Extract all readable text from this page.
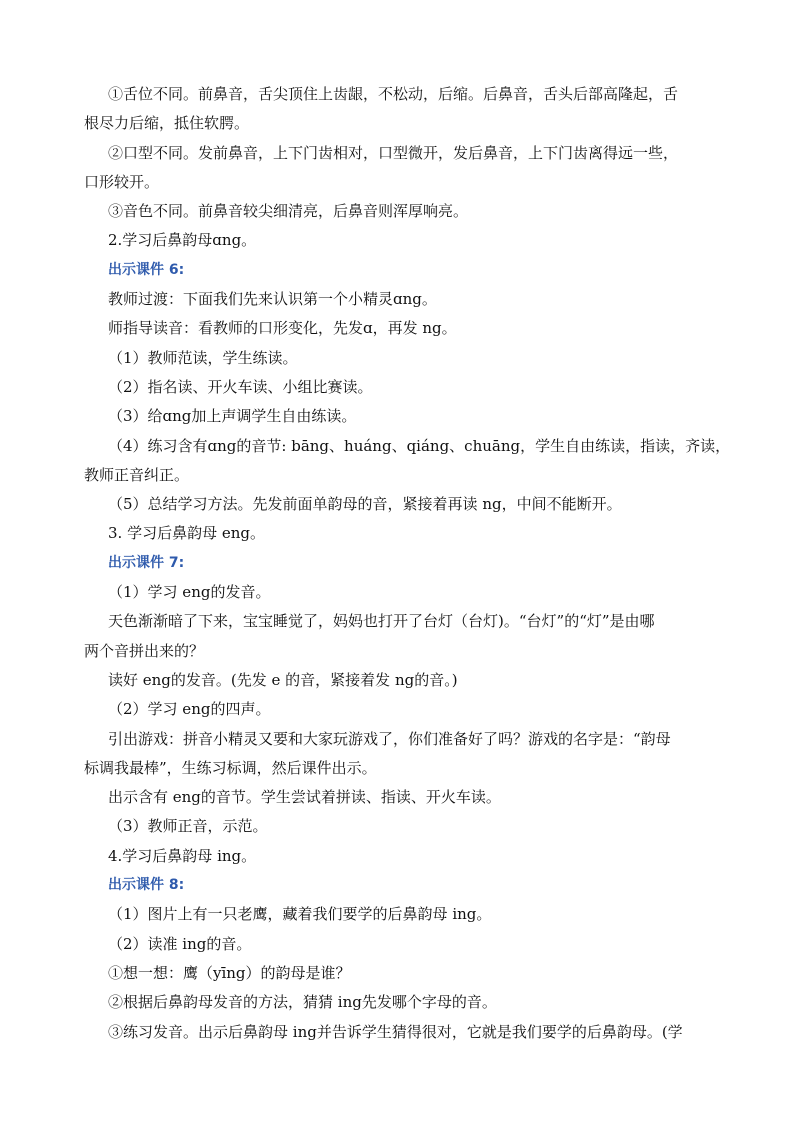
①舌位不同。前鼻音，舌尖顶住上齿龈，不松动，后缩。后鼻音，舌头后部高隆起，舌

根尽力后缩，抵住软腭。

②口型不同。发前鼻音，上下门齿相对，口型微开，发后鼻音，上下门齿离得远一些，

口形较开。

③音色不同。前鼻音较尖细清亮，后鼻音则浑厚响亮。

2.学习后鼻韵母ɑng。

出示课件 6:

教师过渡：下面我们先来认识第一个小精灵ɑng。

师指导读音：看教师的口形变化，先发ɑ，再发 ng。

（1）教师范读，学生练读。

（2）指名读、开火车读、小组比赛读。

（3）给ɑng加上声调学生自由练读。

（4）练习含有ɑng的音节: bāng、huáng、qiáng、chuāng，学生自由练读，指读，齐读，

教师正音纠正。

（5）总结学习方法。先发前面单韵母的音，紧接着再读 ng，中间不能断开。

3. 学习后鼻韵母 eng。

出示课件 7:

（1）学习 eng的发音。

天色渐渐暗了下来，宝宝睡觉了，妈妈也打开了台灯（台灯)。“台灯”的“灯”是由哪

两个音拼出来的？

读好 eng的发音。(先发 e 的音，紧接着发 ng的音。)

（2）学习 eng的四声。

引出游戏：拼音小精灵又要和大家玩游戏了，你们准备好了吗？游戏的名字是：“韵母

标调我最棒”，生练习标调，然后课件出示。

出示含有 eng的音节。学生尝试着拼读、指读、开火车读。

（3）教师正音，示范。

4.学习后鼻韵母 ing。

出示课件 8:

（1）图片上有一只老鹰，藏着我们要学的后鼻韵母 ing。

（2）读准 ing的音。

①想一想：鹰（yīng）的韵母是谁？

②根据后鼻韵母发音的方法，猜猜 ing先发哪个字母的音。

③练习发音。出示后鼻韵母 ing并告诉学生猜得很对，它就是我们要学的后鼻韵母。(学
